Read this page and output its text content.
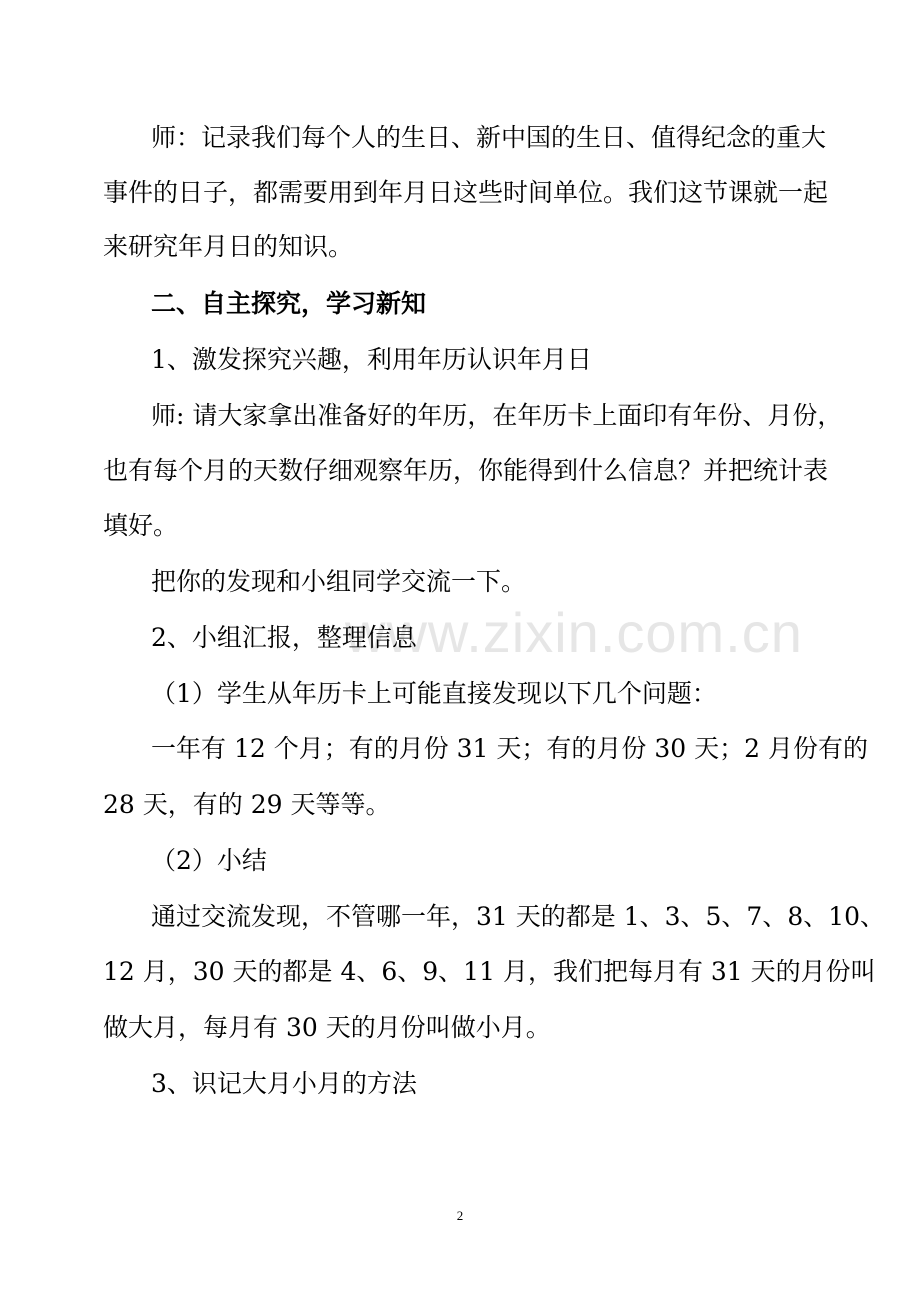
www.zixin.com.cn
师：记录我们每个人的生日、新中国的生日、值得纪念的重大
事件的日子，都需要用到年月日这些时间单位。我们这节课就一起
来研究年月日的知识。
二、自主探究，学习新知
1、激发探究兴趣，利用年历认识年月日
师: 请大家拿出准备好的年历，在年历卡上面印有年份、月份，
也有每个月的天数仔细观察年历，你能得到什么信息？并把统计表
填好。
把你的发现和小组同学交流一下。
2、小组汇报，整理信息
（1）学生从年历卡上可能直接发现以下几个问题：
一年有 12 个月；有的月份 31 天；有的月份 30 天；2 月份有的
28 天，有的 29 天等等。
（2）小结
通过交流发现，不管哪一年，31 天的都是 1、3、5、7、8、10、
12 月，30 天的都是 4、6、9、11 月，我们把每月有 31 天的月份叫
做大月，每月有 30 天的月份叫做小月。
3、识记大月小月的方法
2
